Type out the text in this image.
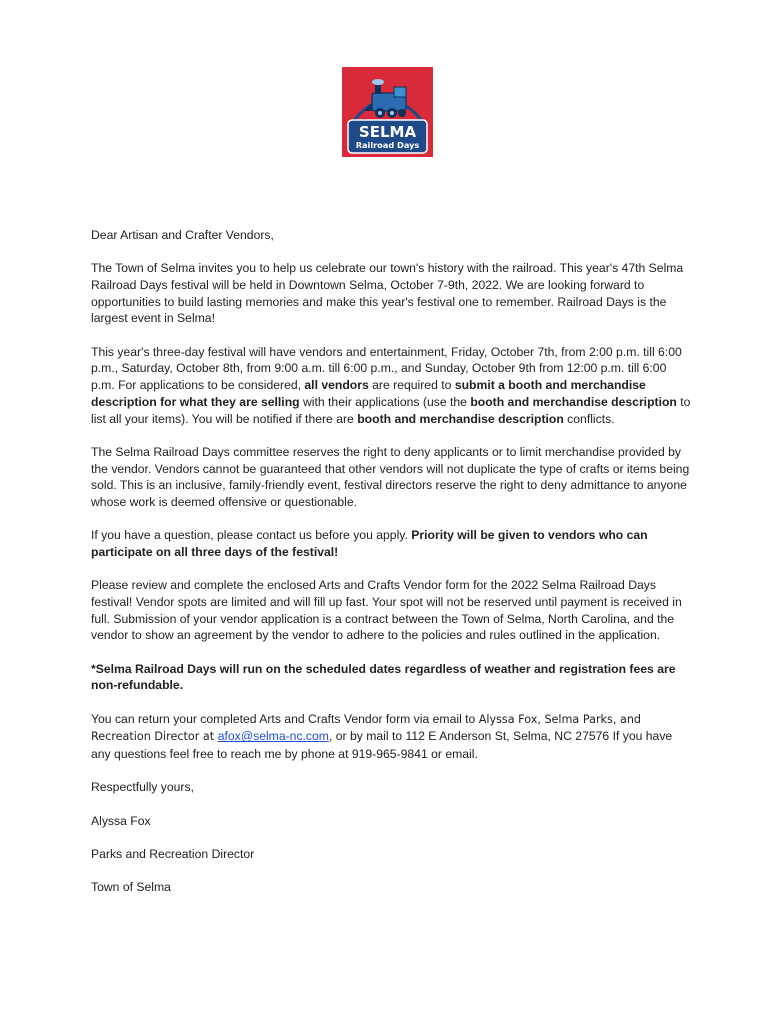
SELMA
Railroad Days

Dear Artisan and Crafter Vendors,

The Town of Selma invites you to help us celebrate our town's history with the railroad. This year's 47th Selma Railroad Days festival will be held in Downtown Selma, October 7-9th, 2022. We are looking forward to opportunities to build lasting memories and make this year's festival one to remember. Railroad Days is the largest event in Selma!

This year's three-day festival will have vendors and entertainment, Friday, October 7th, from 2:00 p.m. till 6:00 p.m., Saturday, October 8th, from 9:00 a.m. till 6:00 p.m., and Sunday, October 9th from 12:00 p.m. till 6:00 p.m. For applications to be considered, all vendors are required to submit a booth and merchandise description for what they are selling with their applications (use the booth and merchandise description to list all your items). You will be notified if there are booth and merchandise description conflicts.

The Selma Railroad Days committee reserves the right to deny applicants or to limit merchandise provided by the vendor. Vendors cannot be guaranteed that other vendors will not duplicate the type of crafts or items being sold. This is an inclusive, family-friendly event, festival directors reserve the right to deny admittance to anyone whose work is deemed offensive or questionable.

If you have a question, please contact us before you apply. Priority will be given to vendors who can participate on all three days of the festival!

Please review and complete the enclosed Arts and Crafts Vendor form for the 2022 Selma Railroad Days festival! Vendor spots are limited and will fill up fast. Your spot will not be reserved until payment is received in full. Submission of your vendor application is a contract between the Town of Selma, North Carolina, and the vendor to show an agreement by the vendor to adhere to the policies and rules outlined in the application.

*Selma Railroad Days will run on the scheduled dates regardless of weather and registration fees are non-refundable.

You can return your completed Arts and Crafts Vendor form via email to Alyssa Fox, Selma Parks, and Recreation Director at afox@selma-nc.com, or by mail to 112 E Anderson St, Selma, NC 27576 If you have any questions feel free to reach me by phone at 919-965-9841 or email.

Respectfully yours,

Alyssa Fox

Parks and Recreation Director

Town of Selma
